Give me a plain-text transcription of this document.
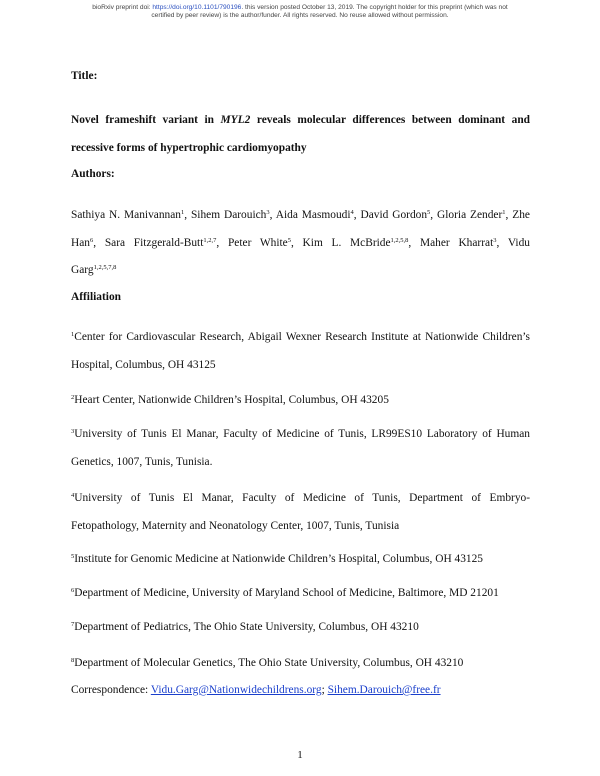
bioRxiv preprint doi: https://doi.org/10.1101/790196. this version posted October 13, 2019. The copyright holder for this preprint (which was not
certified by peer review) is the author/funder. All rights reserved. No reuse allowed without permission.
Title:
Novel frameshift variant in MYL2 reveals molecular differences between dominant and
recessive forms of hypertrophic cardiomyopathy
Authors:
Sathiya N. Manivannan$^1$, Sihem Darouich$^3$, Aida Masmoudi$^4$, David Gordon$^5$, Gloria Zender$^1$, Zhe
Han$^6$, Sara Fitzgerald-Butt$^{1,2,7}$, Peter White$^5$, Kim L. McBride$^{1,2,5,8}$, Maher Kharrat$^3$, Vidu
Garg$^{1,2,5,7,8}$
Affiliation
$^1$Center for Cardiovascular Research, Abigail Wexner Research Institute at Nationwide Children’s
Hospital, Columbus, OH 43125
$^2$Heart Center, Nationwide Children’s Hospital, Columbus, OH 43205
$^3$University of Tunis El Manar, Faculty of Medicine of Tunis, LR99ES10 Laboratory of Human
Genetics, 1007, Tunis, Tunisia.
$^4$University of Tunis El Manar, Faculty of Medicine of Tunis, Department of Embryo-
Fetopathology, Maternity and Neonatology Center, 1007, Tunis, Tunisia
$^5$Institute for Genomic Medicine at Nationwide Children’s Hospital, Columbus, OH 43125
$^6$Department of Medicine, University of Maryland School of Medicine, Baltimore, MD 21201
$^7$Department of Pediatrics, The Ohio State University, Columbus, OH 43210
$^8$Department of Molecular Genetics, The Ohio State University, Columbus, OH 43210
Correspondence: Vidu.Garg@Nationwidechildrens.org; Sihem.Darouich@free.fr
1
